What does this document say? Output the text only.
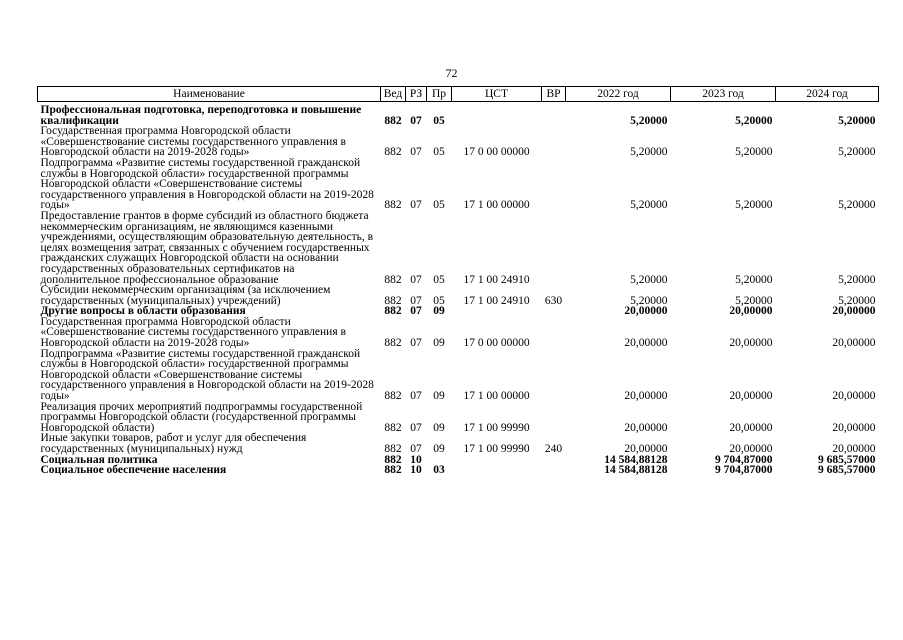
72
Наименование	Вед	РЗ	Пр	ЦСТ	ВР	2022 год	2023 год	2024 год
Профессиональная подготовка, переподготовка и повышение квалификации	882	07	05			5,20000	5,20000	5,20000
Государственная программа Новгородской области «Совершенствование системы государственного управления в Новгородской области на 2019-2028 годы»	882	07	05	17 0 00 00000		5,20000	5,20000	5,20000
Подпрограмма «Развитие системы государственной гражданской службы в Новгородской области» государственной программы Новгородской области «Совершенствование системы государственного управления в Новгородской области на 2019-2028 годы»	882	07	05	17 1 00 00000		5,20000	5,20000	5,20000
Предоставление грантов в форме субсидий из областного бюджета некоммерческим организациям, не являющимся казенными учреждениями, осуществляющим образовательную деятельность, в целях возмещения затрат, связанных с обучением государственных гражданских служащих Новгородской области на основании государственных образовательных сертификатов на дополнительное профессиональное образование	882	07	05	17 1 00 24910		5,20000	5,20000	5,20000
Субсидии некоммерческим организациям (за исключением государственных (муниципальных) учреждений)	882	07	05	17 1 00 24910	630	5,20000	5,20000	5,20000
Другие вопросы в области образования	882	07	09			20,00000	20,00000	20,00000
Государственная программа Новгородской области «Совершенствование системы государственного управления в Новгородской области на 2019-2028 годы»	882	07	09	17 0 00 00000		20,00000	20,00000	20,00000
Подпрограмма «Развитие системы государственной гражданской службы в Новгородской области» государственной программы Новгородской области «Совершенствование системы государственного управления в Новгородской области на 2019-2028 годы»	882	07	09	17 1 00 00000		20,00000	20,00000	20,00000
Реализация прочих мероприятий подпрограммы государственной программы Новгородской области (государственной программы Новгородской области)	882	07	09	17 1 00 99990		20,00000	20,00000	20,00000
Иные закупки товаров, работ и услуг для обеспечения государственных (муниципальных) нужд	882	07	09	17 1 00 99990	240	20,00000	20,00000	20,00000
Социальная политика	882	10				14 584,88128	9 704,87000	9 685,57000
Социальное обеспечение населения	882	10	03			14 584,88128	9 704,87000	9 685,57000
